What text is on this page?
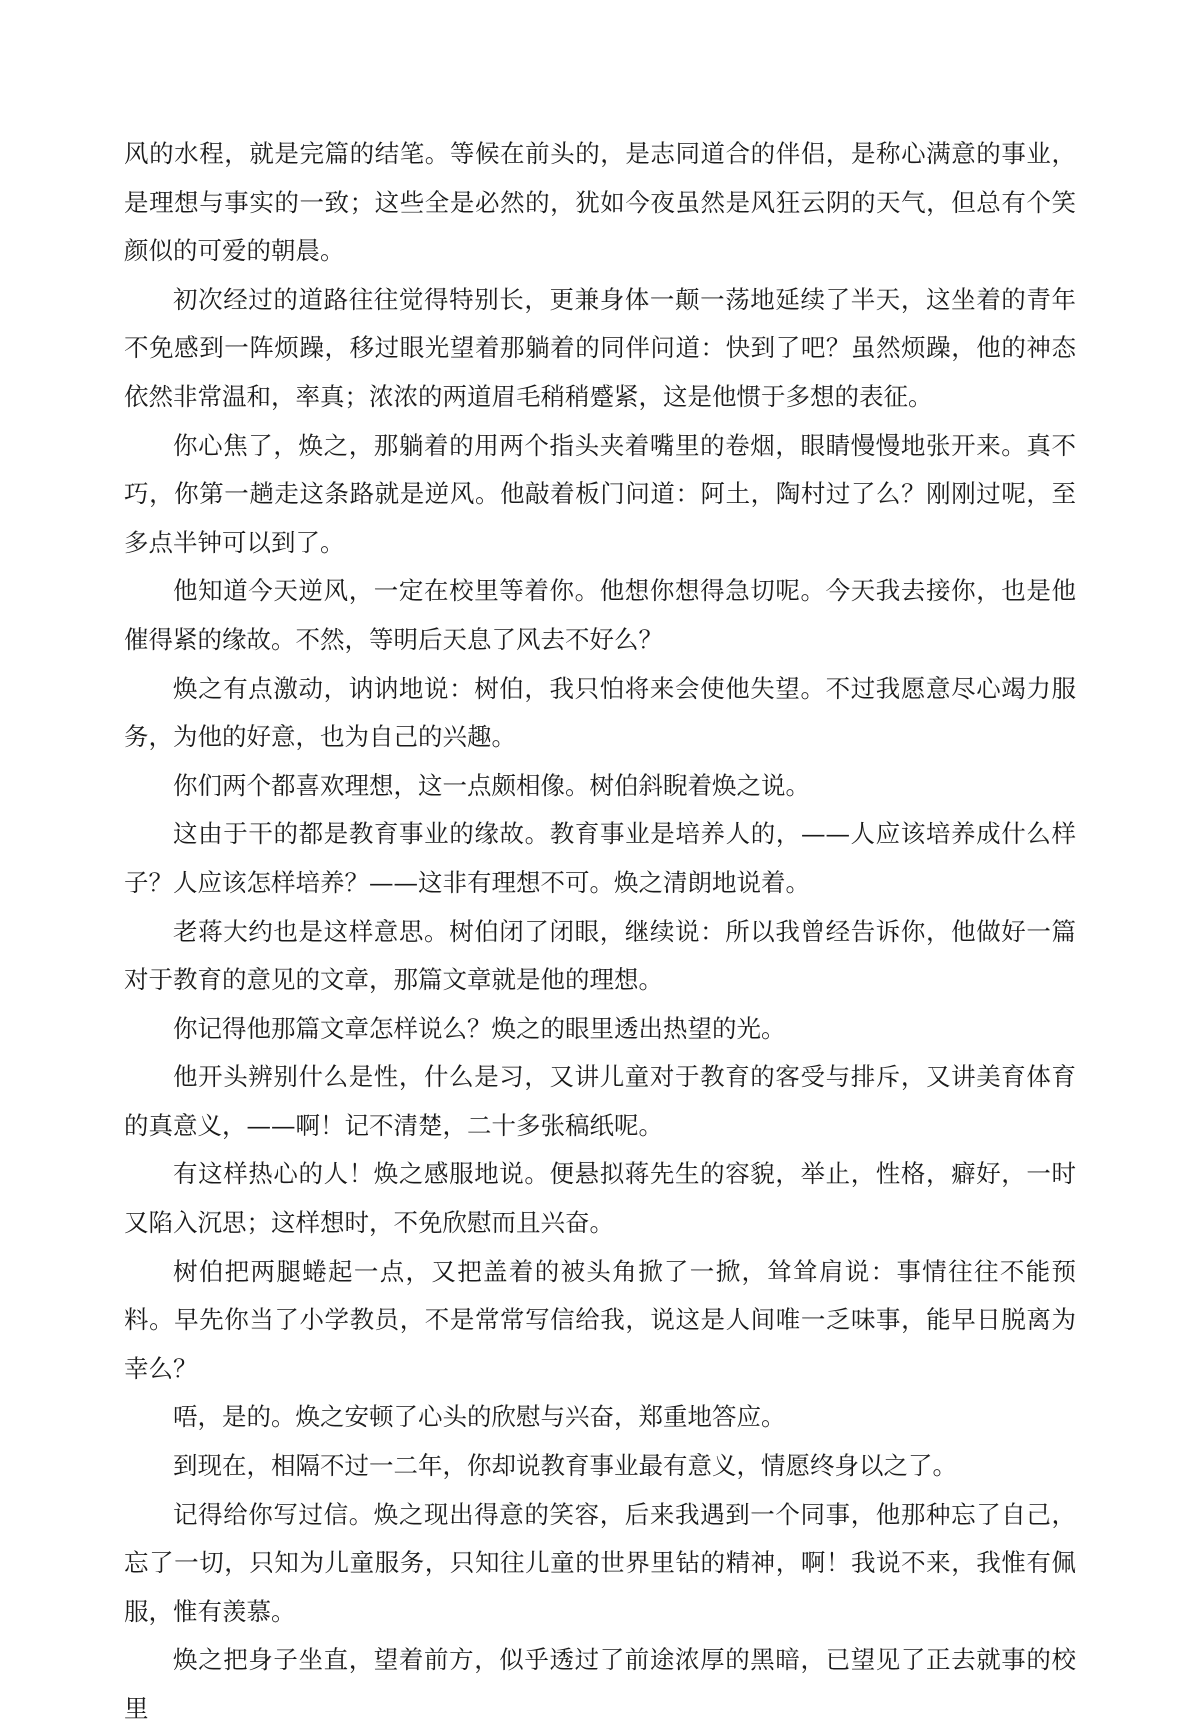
风的水程，就是完篇的结笔。等候在前头的，是志同道合的伴侣，是称心满意的事业，是理想与事实的一致；这些全是必然的，犹如今夜虽然是风狂云阴的天气，但总有个笑颜似的可爱的朝晨。

初次经过的道路往往觉得特别长，更兼身体一颠一荡地延续了半天，这坐着的青年不免感到一阵烦躁，移过眼光望着那躺着的同伴问道：快到了吧？虽然烦躁，他的神态依然非常温和，率真；浓浓的两道眉毛稍稍蹙紧，这是他惯于多想的表征。

你心焦了，焕之，那躺着的用两个指头夹着嘴里的卷烟，眼睛慢慢地张开来。真不巧，你第一趟走这条路就是逆风。他敲着板门问道：阿土，陶村过了么？刚刚过呢，至多点半钟可以到了。

他知道今天逆风，一定在校里等着你。他想你想得急切呢。今天我去接你，也是他催得紧的缘故。不然，等明后天息了风去不好么？

焕之有点激动，讷讷地说：树伯，我只怕将来会使他失望。不过我愿意尽心竭力服务，为他的好意，也为自己的兴趣。

你们两个都喜欢理想，这一点颇相像。树伯斜睨着焕之说。

这由于干的都是教育事业的缘故。教育事业是培养人的，——人应该培养成什么样子？人应该怎样培养？——这非有理想不可。焕之清朗地说着。

老蒋大约也是这样意思。树伯闭了闭眼，继续说：所以我曾经告诉你，他做好一篇对于教育的意见的文章，那篇文章就是他的理想。

你记得他那篇文章怎样说么？焕之的眼里透出热望的光。

他开头辨别什么是性，什么是习，又讲儿童对于教育的客受与排斥，又讲美育体育的真意义，——啊！记不清楚，二十多张稿纸呢。

有这样热心的人！焕之感服地说。便悬拟蒋先生的容貌，举止，性格，癖好，一时又陷入沉思；这样想时，不免欣慰而且兴奋。

树伯把两腿蜷起一点，又把盖着的被头角掀了一掀，耸耸肩说：事情往往不能预料。早先你当了小学教员，不是常常写信给我，说这是人间唯一乏味事，能早日脱离为幸么？

唔，是的。焕之安顿了心头的欣慰与兴奋，郑重地答应。

到现在，相隔不过一二年，你却说教育事业最有意义，情愿终身以之了。

记得给你写过信。焕之现出得意的笑容，后来我遇到一个同事，他那种忘了自己，忘了一切，只知为儿童服务，只知往儿童的世界里钻的精神，啊！我说不来，我惟有佩服，惟有羡慕。

焕之把身子坐直，望着前方，似乎透过了前途浓厚的黑暗，已望见了正去就事的校里
